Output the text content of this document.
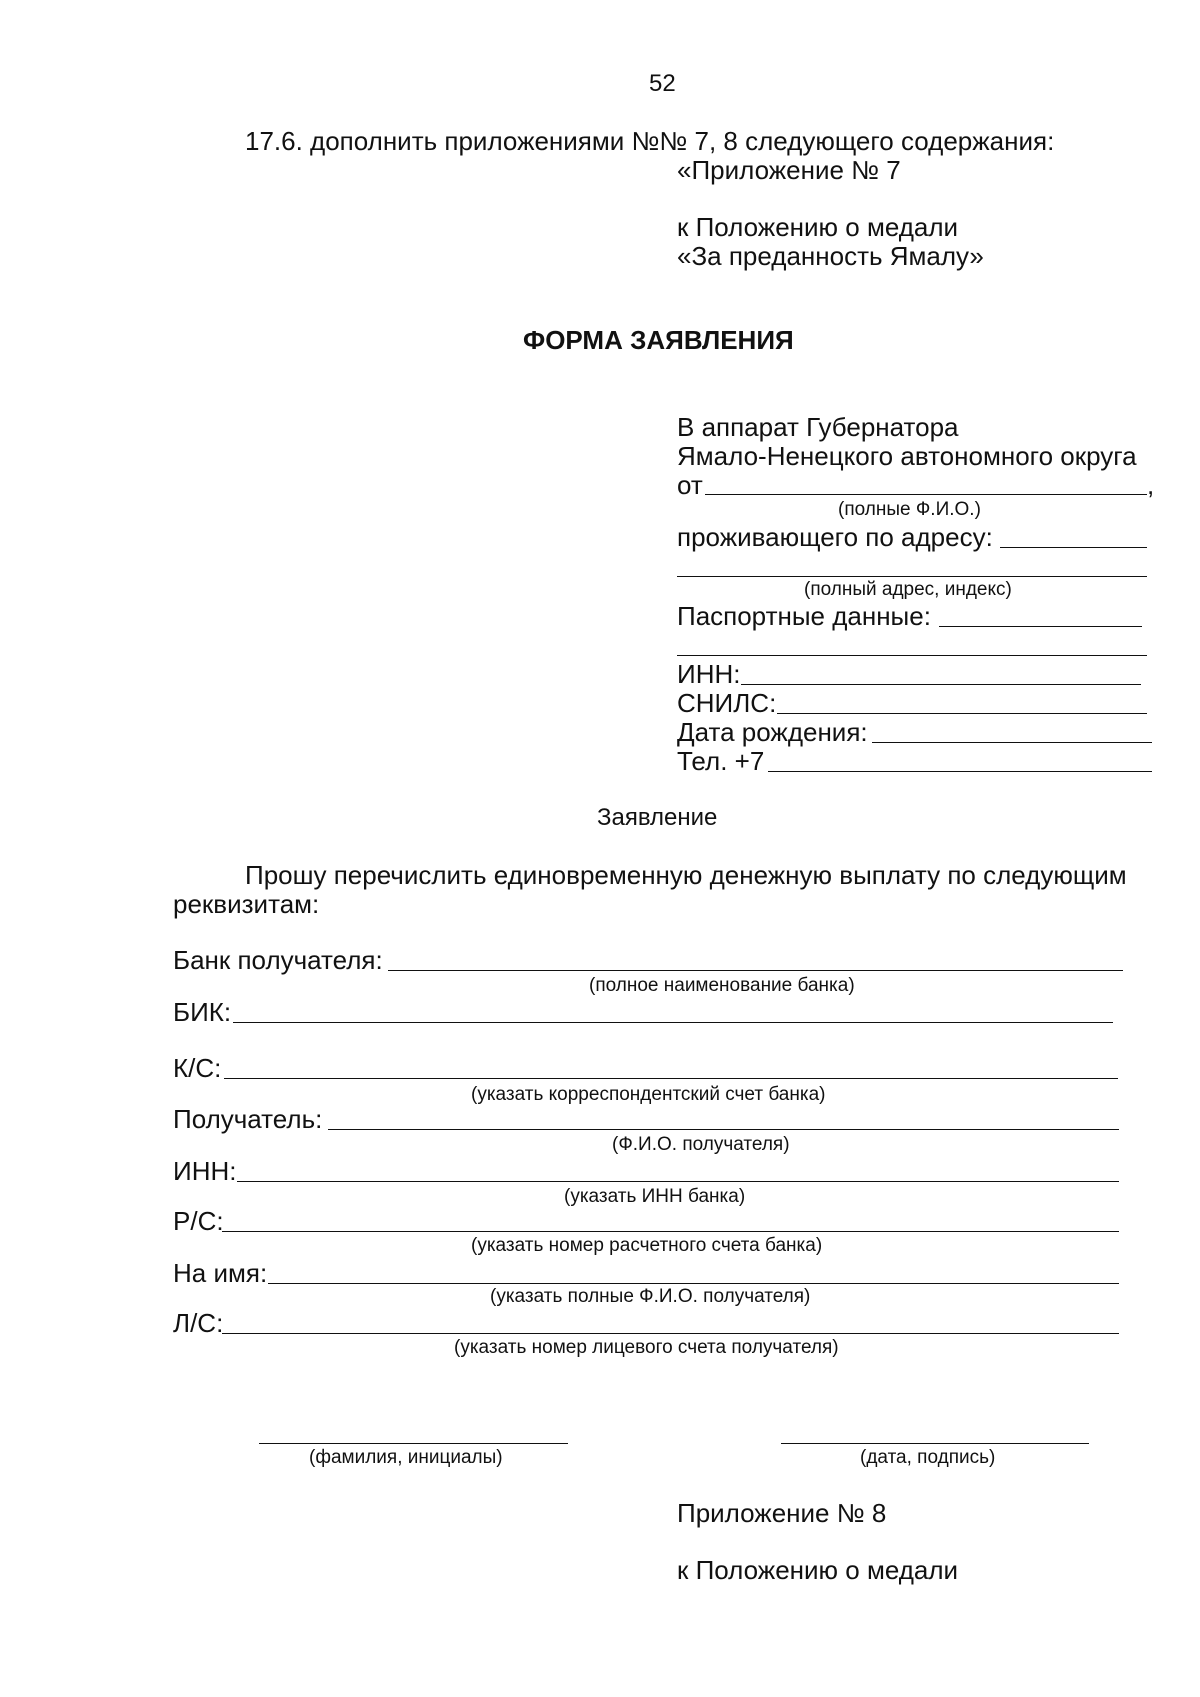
52
17.6. дополнить приложениями №№ 7, 8 следующего содержания:
«Приложение № 7
к Положению о медали
«За преданность Ямалу»
ФОРМА ЗАЯВЛЕНИЯ
В аппарат Губернатора
Ямало-Ненецкого автономного округа
от	,
(полные Ф.И.О.)
проживающего по адресу:
(полный адрес, индекс)
Паспортные данные:
ИНН:
СНИЛС:
Дата рождения:
Тел. +7
Заявление
Прошу перечислить единовременную денежную выплату по следующим
реквизитам:
Банк получателя:
(полное наименование банка)
БИК:
К/С:
(указать корреспондентский счет банка)
Получатель:
(Ф.И.О. получателя)
ИНН:
(указать ИНН банка)
Р/С:
(указать номер расчетного счета банка)
На имя:
(указать полные Ф.И.О. получателя)
Л/С:
(указать номер лицевого счета получателя)
(фамилия, инициалы)	(дата, подпись)
Приложение № 8
к Положению о медали
